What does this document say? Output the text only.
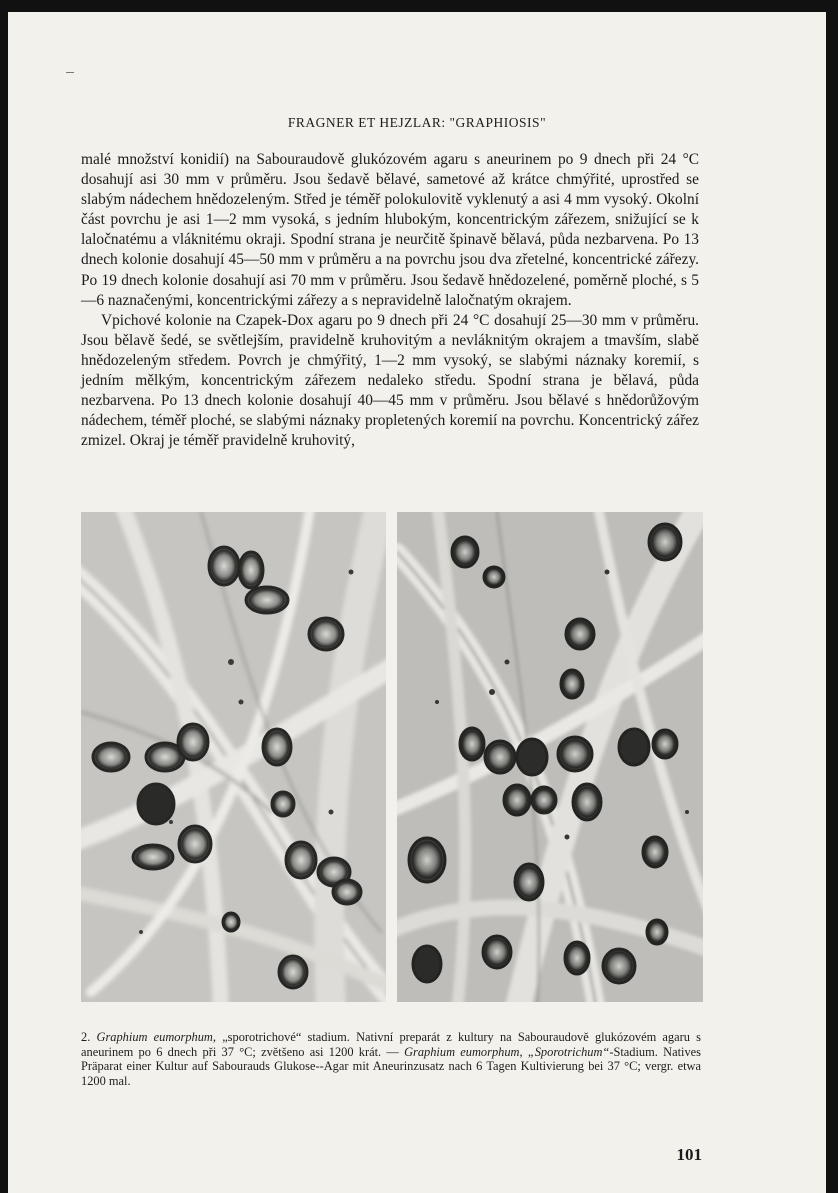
FRAGNER ET HEJZLAR: "GRAPHIOSIS"

malé množství konidií) na Sabouraudově glukózovém agaru s aneurinem po 9 dnech při 24 °C dosahují asi 30 mm v průměru. Jsou šedavě bělavé, sametové až krátce chmýřité, uprostřed se slabým nádechem hnědozeleným. Střed je téměř polokulovitě vyklenutý a asi 4 mm vysoký. Okolní část povrchu je asi 1—2 mm vysoká, s jedním hlubokým, koncentrickým zářezem, snižující se k laločnatému a vláknitému okraji. Spodní strana je neurčitě špinavě bělavá, půda nezbarvena. Po 13 dnech kolonie dosahují 45—50 mm v průměru a na povrchu jsou dva zřetelné, koncentrické zářezy. Po 19 dnech kolonie dosahují asi 70 mm v průměru. Jsou šedavě hnědozelené, poměrně ploché, s 5—6 naznačenými, koncentrickými zářezy a s nepravidelně laločnatým okrajem.

Vpichové kolonie na Czapek-Dox agaru po 9 dnech při 24 °C dosahují 25—30 mm v průměru. Jsou bělavě šedé, se světlejším, pravidelně kruhovitým a nevláknitým okrajem a tmavším, slabě hnědozeleným středem. Povrch je chmýřitý, 1—2 mm vysoký, se slabými náznaky koremií, s jedním mělkým, koncentrickým zářezem nedaleko středu. Spodní strana je bělavá, půda nezbarvena. Po 13 dnech kolonie dosahují 40—45 mm v průměru. Jsou bělavé s hnědorůžovým nádechem, téměř ploché, se slabými náznaky propletených koremií na povrchu. Koncentrický zářez zmizel. Okraj je téměř pravidelně kruhovitý,

2. Graphium eumorphum, „sporotrichové“ stadium. Nativní preparát z kultury na Sabouraudově glukózovém agaru s aneurinem po 6 dnech při 37 °C; zvětšeno asi 1200 krát. — Graphium eumorphum, „Sporotrichum“-Stadium. Natives Präparat einer Kultur auf Sabourauds Glukose--Agar mit Aneurinzusatz nach 6 Tagen Kultivierung bei 37 °C; vergr. etwa 1200 mal.
101
